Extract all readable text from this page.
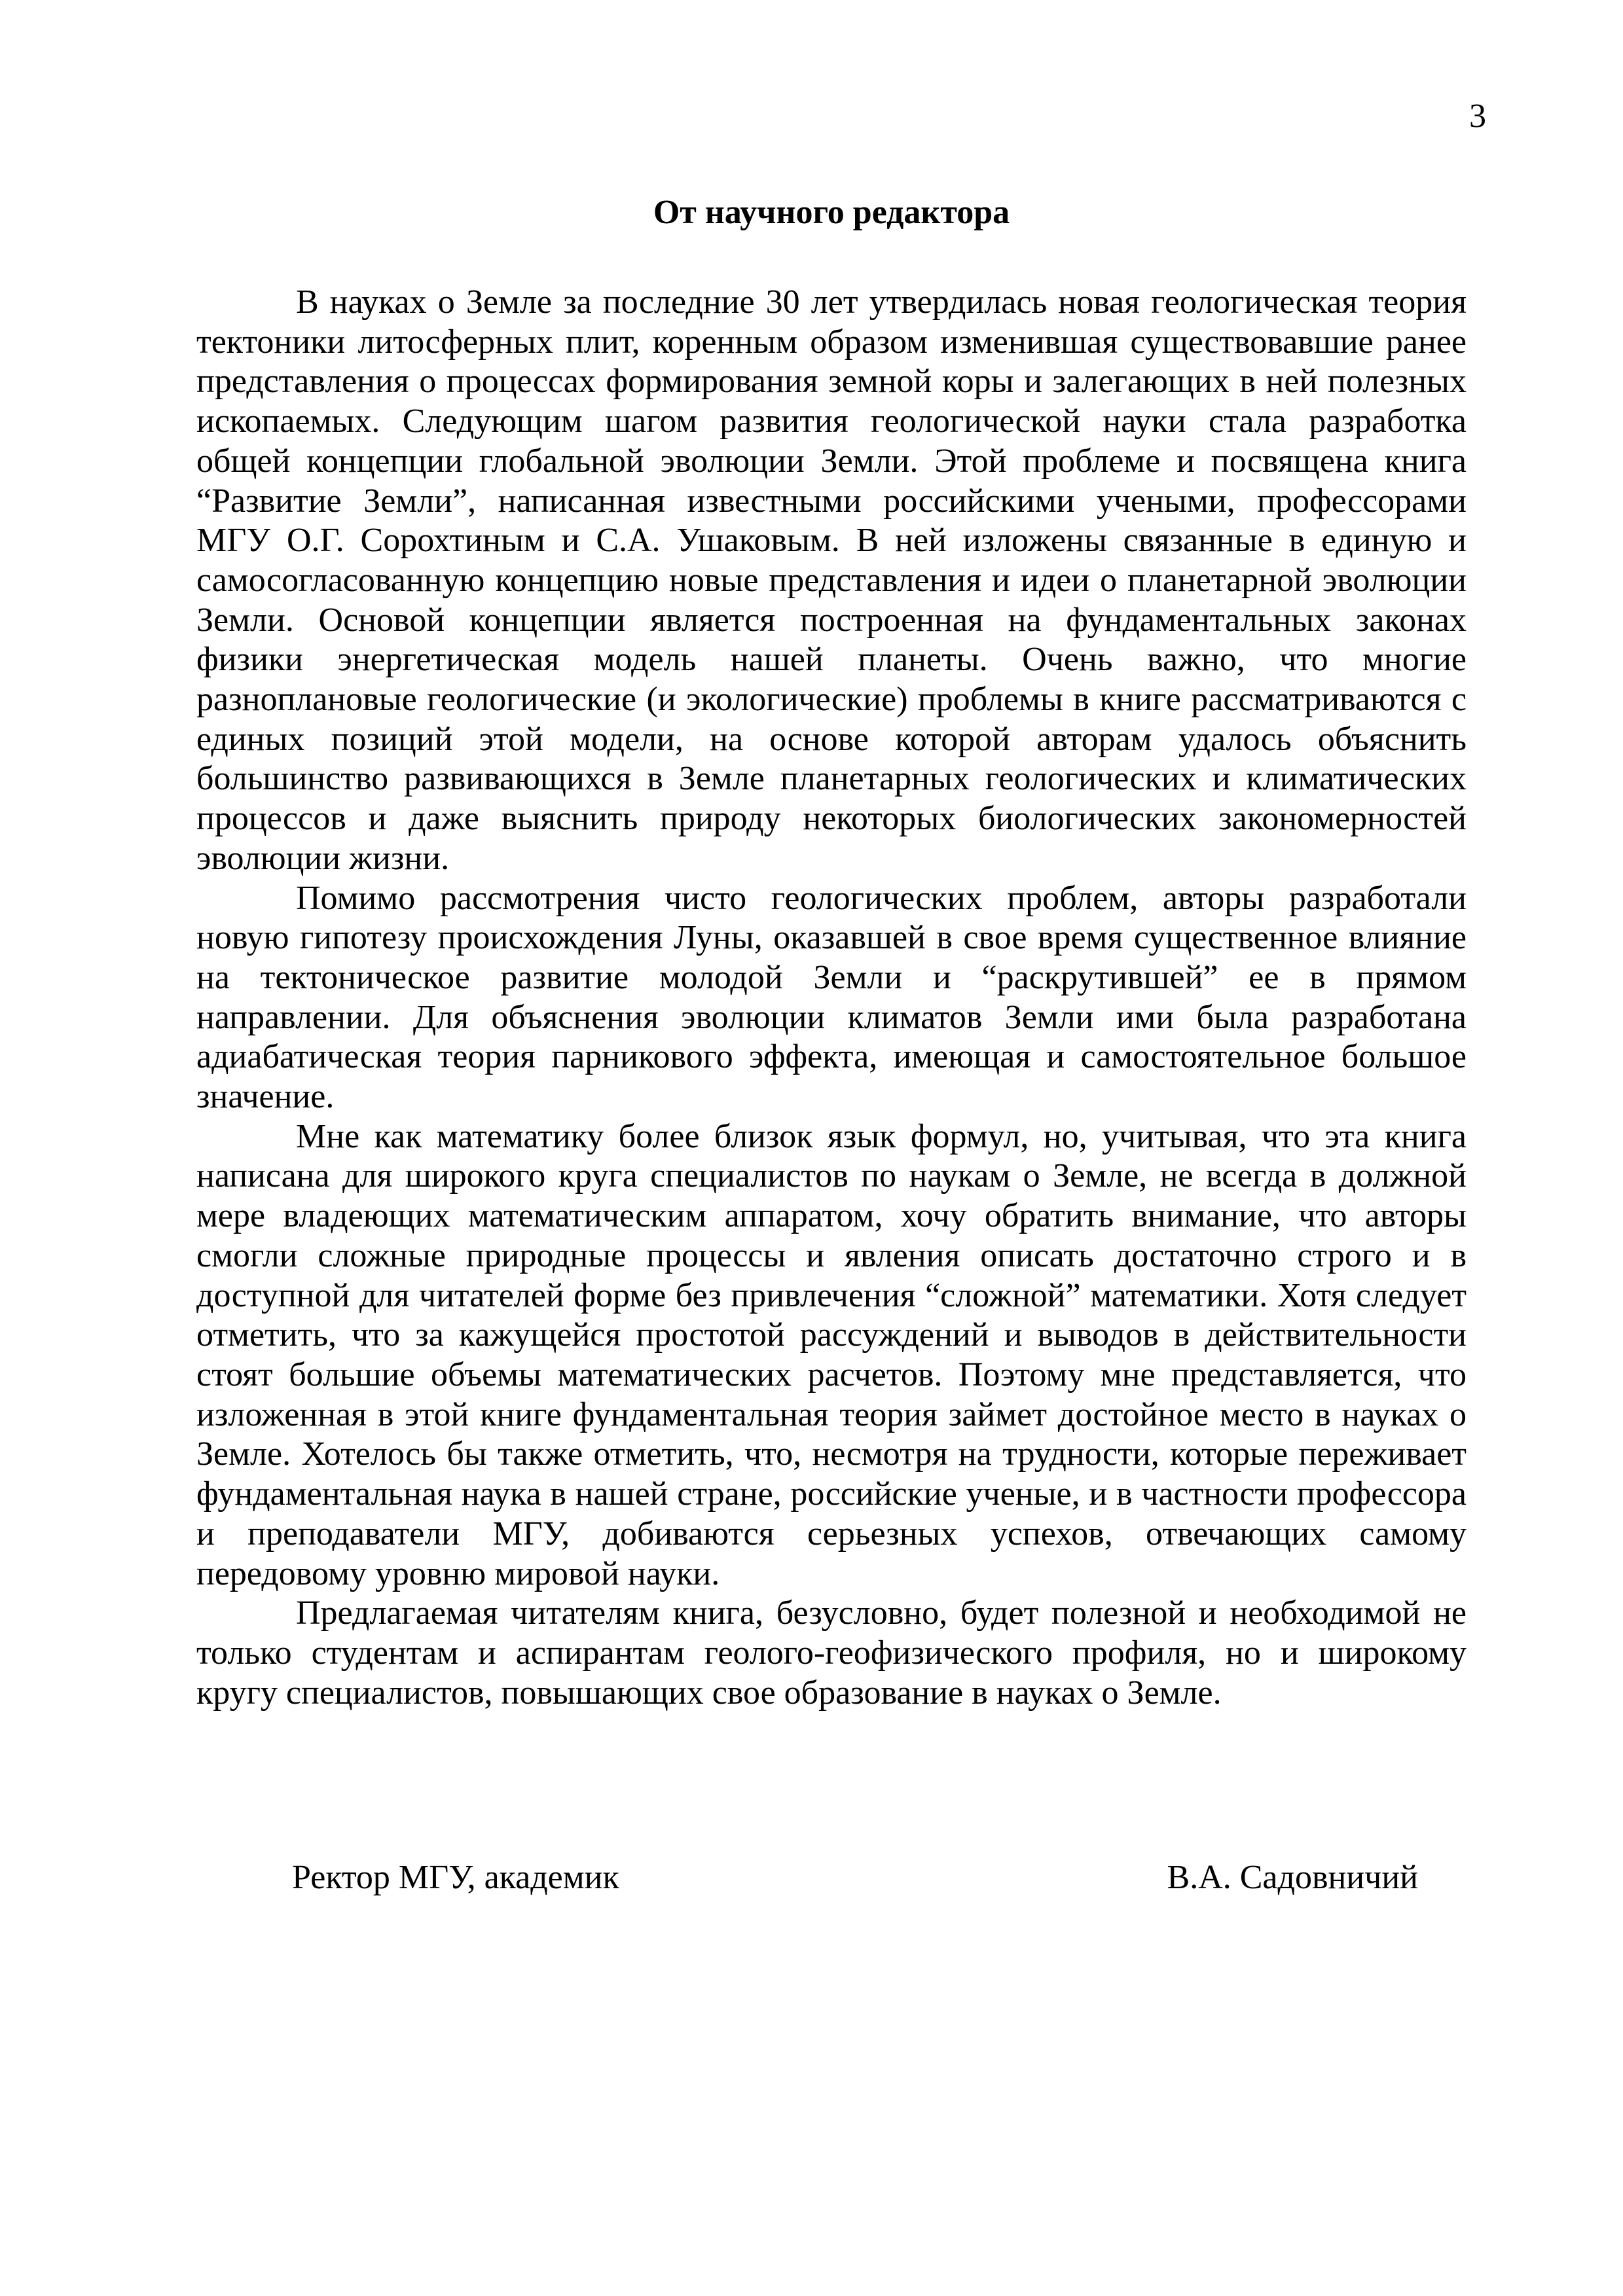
3
От научного редактора

В науках о Земле за последние 30 лет утвердилась новая геологическая теория тектоники литосферных плит, коренным образом изменившая существовавшие ранее представления о процессах формирования земной коры и залегающих в ней полезных ископаемых. Следующим шагом развития геологической науки стала разработка общей концепции глобальной эволюции Земли. Этой проблеме и посвящена книга “Развитие Земли”, написанная известными российскими учеными, профессорами МГУ О.Г. Сорохтиным и С.А. Ушаковым. В ней изложены связанные в единую и самосогласованную концепцию новые представления и идеи о планетарной эволюции Земли. Основой концепции является построенная на фундаментальных законах физики энергетическая модель нашей планеты. Очень важно, что многие разноплановые геологические (и экологические) проблемы в книге рассматриваются с единых позиций этой модели, на основе которой авторам удалось объяснить большинство развивающихся в Земле планетарных геологических и климатических процессов и даже выяснить природу некоторых биологических закономерностей эволюции жизни.

Помимо рассмотрения чисто геологических проблем, авторы разработали новую гипотезу происхождения Луны, оказавшей в свое время существенное влияние на тектоническое развитие молодой Земли и “раскрутившей” ее в прямом направлении. Для объяснения эволюции климатов Земли ими была разработана адиабатическая теория парникового эффекта, имеющая и самостоятельное большое значение.

Мне как математику более близок язык формул, но, учитывая, что эта книга написана для широкого круга специалистов по наукам о Земле, не всегда в должной мере владеющих математическим аппаратом, хочу обратить внимание, что авторы смогли сложные природные процессы и явления описать достаточно строго и в доступной для читателей форме без привлечения “сложной” математики. Хотя следует отметить, что за кажущейся простотой рассуждений и выводов в действительности стоят большие объемы математических расчетов. Поэтому мне представляется, что изложенная в этой книге фундаментальная теория займет достойное место в науках о Земле. Хотелось бы также отметить, что, несмотря на трудности, которые переживает фундаментальная наука в нашей стране, российские ученые, и в частности профессора и преподаватели МГУ, добиваются серьезных успехов, отвечающих самому передовому уровню мировой науки.

Предлагаемая читателям книга, безусловно, будет полезной и необходимой не только студентам и аспирантам геолого-геофизического профиля, но и широкому кругу специалистов, повышающих свое образование в науках о Земле.

Ректор МГУ, академик	В.А. Садовничий
